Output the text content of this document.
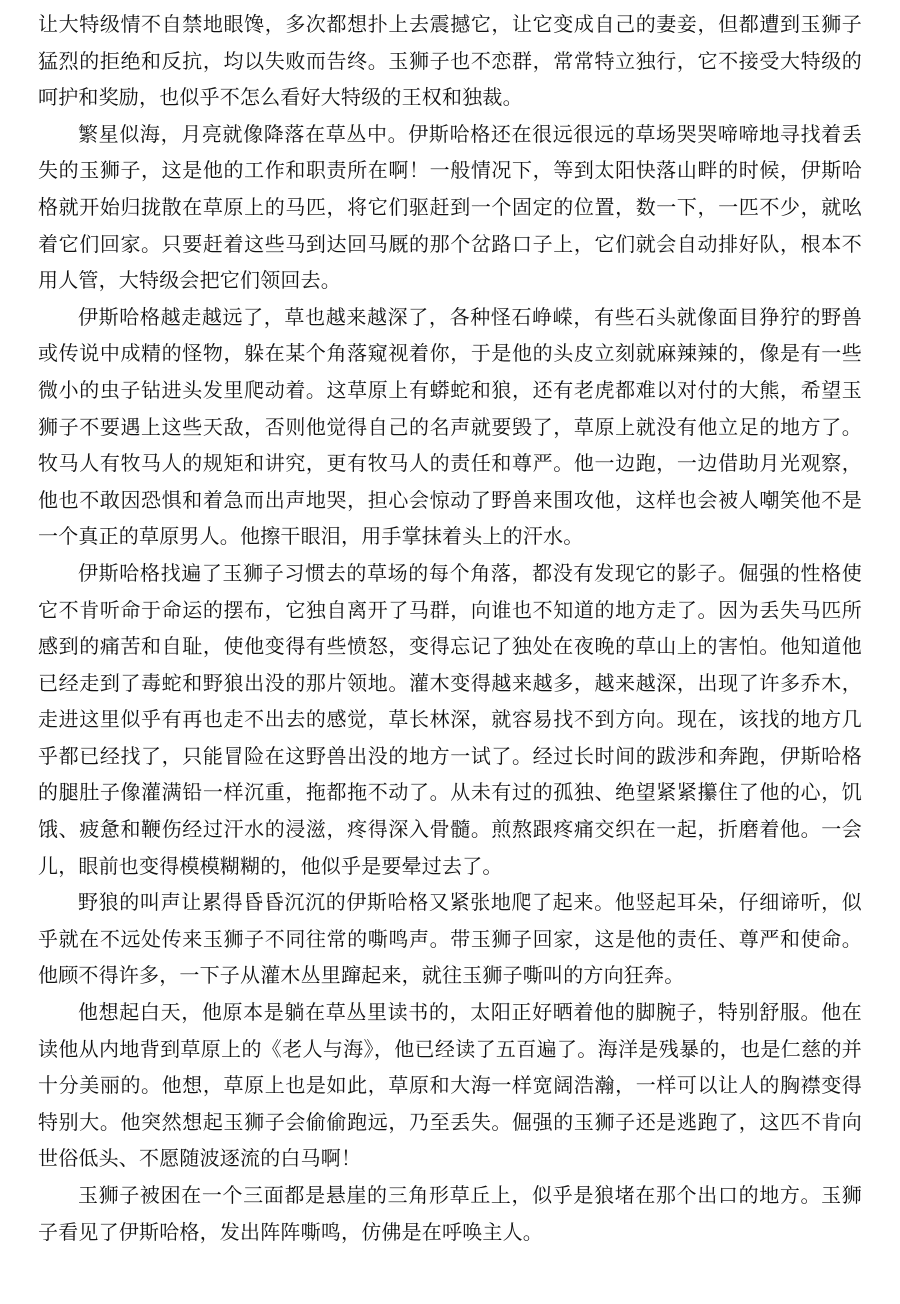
让大特级情不自禁地眼馋，多次都想扑上去震撼它，让它变成自己的妻妾，但都遭到玉狮子猛烈的拒绝和反抗，均以失败而告终。玉狮子也不恋群，常常特立独行，它不接受大特级的呵护和奖励，也似乎不怎么看好大特级的王权和独裁。

繁星似海，月亮就像降落在草丛中。伊斯哈格还在很远很远的草场哭哭啼啼地寻找着丢失的玉狮子，这是他的工作和职责所在啊！一般情况下，等到太阳快落山畔的时候，伊斯哈格就开始归拢散在草原上的马匹，将它们驱赶到一个固定的位置，数一下，一匹不少，就吆着它们回家。只要赶着这些马到达回马厩的那个岔路口子上，它们就会自动排好队，根本不用人管，大特级会把它们领回去。

伊斯哈格越走越远了，草也越来越深了，各种怪石峥嵘，有些石头就像面目狰狞的野兽或传说中成精的怪物，躲在某个角落窥视着你，于是他的头皮立刻就麻辣辣的，像是有一些微小的虫子钻进头发里爬动着。这草原上有蟒蛇和狼，还有老虎都难以对付的大熊，希望玉狮子不要遇上这些天敌，否则他觉得自己的名声就要毁了，草原上就没有他立足的地方了。牧马人有牧马人的规矩和讲究，更有牧马人的责任和尊严。他一边跑，一边借助月光观察，他也不敢因恐惧和着急而出声地哭，担心会惊动了野兽来围攻他，这样也会被人嘲笑他不是一个真正的草原男人。他擦干眼泪，用手掌抹着头上的汗水。

伊斯哈格找遍了玉狮子习惯去的草场的每个角落，都没有发现它的影子。倔强的性格使它不肯听命于命运的摆布，它独自离开了马群，向谁也不知道的地方走了。因为丢失马匹所感到的痛苦和自耻，使他变得有些愤怒，变得忘记了独处在夜晚的草山上的害怕。他知道他已经走到了毒蛇和野狼出没的那片领地。灌木变得越来越多，越来越深，出现了许多乔木，走进这里似乎有再也走不出去的感觉，草长林深，就容易找不到方向。现在，该找的地方几乎都已经找了，只能冒险在这野兽出没的地方一试了。经过长时间的跋涉和奔跑，伊斯哈格的腿肚子像灌满铅一样沉重，拖都拖不动了。从未有过的孤独、绝望紧紧攥住了他的心，饥饿、疲惫和鞭伤经过汗水的浸滋，疼得深入骨髓。煎熬跟疼痛交织在一起，折磨着他。一会儿，眼前也变得模模糊糊的，他似乎是要晕过去了。

野狼的叫声让累得昏昏沉沉的伊斯哈格又紧张地爬了起来。他竖起耳朵，仔细谛听，似乎就在不远处传来玉狮子不同往常的嘶鸣声。带玉狮子回家，这是他的责任、尊严和使命。他顾不得许多，一下子从灌木丛里蹿起来，就往玉狮子嘶叫的方向狂奔。

他想起白天，他原本是躺在草丛里读书的，太阳正好晒着他的脚腕子，特别舒服。他在读他从内地背到草原上的《老人与海》，他已经读了五百遍了。海洋是残暴的，也是仁慈的并十分美丽的。他想，草原上也是如此，草原和大海一样宽阔浩瀚，一样可以让人的胸襟变得特别大。他突然想起玉狮子会偷偷跑远，乃至丢失。倔强的玉狮子还是逃跑了，这匹不肯向世俗低头、不愿随波逐流的白马啊！

玉狮子被困在一个三面都是悬崖的三角形草丘上，似乎是狼堵在那个出口的地方。玉狮子看见了伊斯哈格，发出阵阵嘶鸣，仿佛是在呼唤主人。
